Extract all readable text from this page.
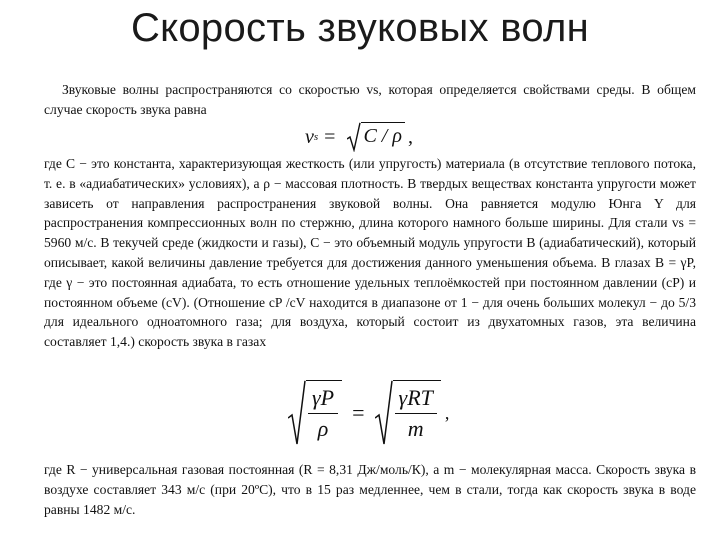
Скорость звуковых волн

Звуковые волны распространяются со скоростью vs, которая определяется свойствами среды. В общем случае скорость звука равна

v s = C / ρ ,

где C − это константа, характеризующая жесткость (или упругость) материала (в отсутствие теплового потока, т. е. в «адиабатических» условиях), а ρ − массовая плотность. В твердых веществах константа упругости может зависеть от направления распространения звуковой волны. Она равняется модулю Юнга Y для распространения компрессионных волн по стержню, длина которого намного больше ширины. Для стали vs = 5960 м/с. В текучей среде (жидкости и газы), C − это объемный модуль упругости B (адиабатический), который описывает, какой величины давление требуется для достижения данного уменьшения объема. В глазах B = γP, где γ − это постоянная адиабата, то есть отношение удельных теплоёмкостей при постоянном давлении (cP) и постоянном объеме (cV). (Отношение cP /cV находится в диапазоне от 1 − для очень больших молекул − до 5/3 для идеального одноатомного газа; для воздуха, который состоит из двухатомных газов, эта величина составляет 1,4.) скорость звука в газах

$\frac{\gamma P}{\rho} = \frac{\text{γRT}}{m}$ ,

где R − универсальная газовая постоянная (R = 8,31 Дж/моль/К), а m − молекулярная масса. Скорость звука в воздухе составляет 343 м/с (при 20ºC), что в 15 раз медленнее, чем в стали, тогда как скорость звука в воде равны 1482 м/с.
